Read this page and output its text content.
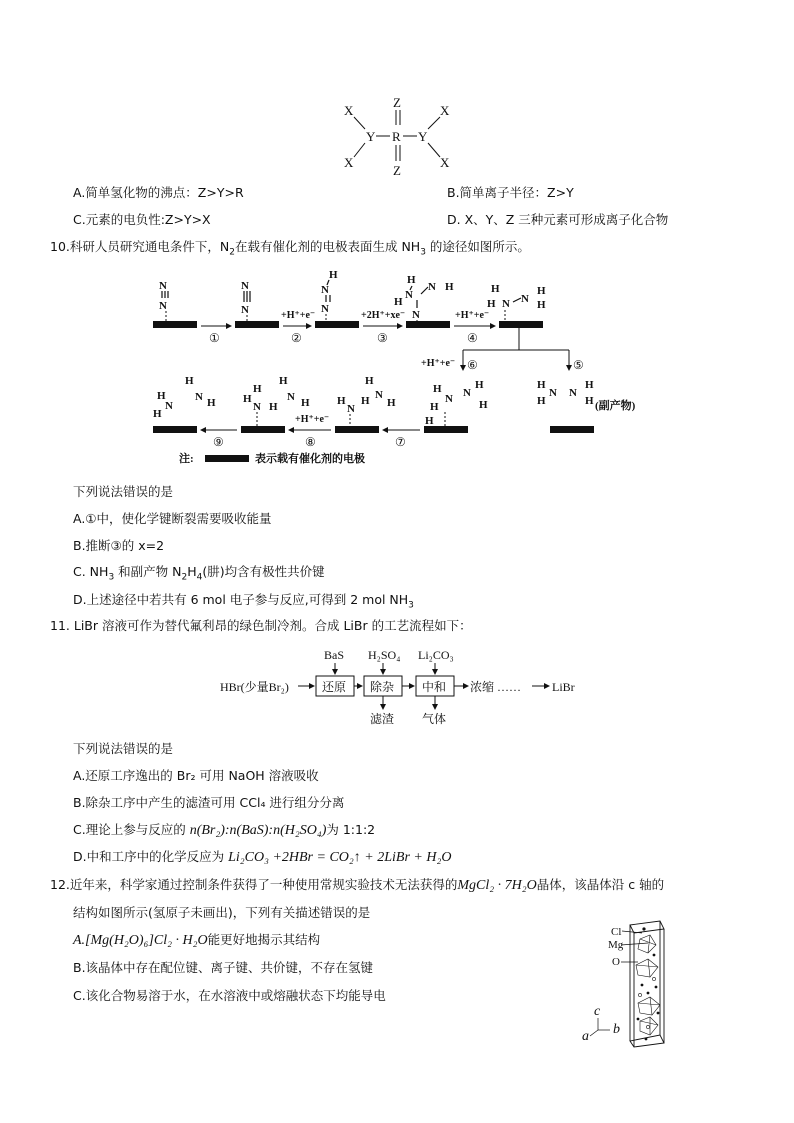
X
X
Y R Y
X
X
Z
Z
A.简单氢化物的沸点：Z>Y>R	B.简单离子半径：Z>Y
C.元素的电负性:Z>Y>X	D. X、Y、Z 三种元素可形成离子化合物
10.科研人员研究通电条件下，$N_2$在载有催化剂的电极表面生成 $NH_3$ 的途径如图所示。
N
N
N
N
H
N
N
H
N
N
H
N H
H N
H
N
H
H
H
N
H
N
H
H (副产物)
H
N
H
H
N H H
N H
H
H
N H H
N
H
H
N
H	H
N
H N
H
H
H
①	②	③	④
⑤
⑥
⑦
⑧
⑨
+H⁺+e⁻	+2H⁺+xe⁻	+H⁺+e⁻
+H⁺+e⁻
+H⁺+e⁻
注:	表示载有催化剂的电极
下列说法错误的是
A.①中，使化学键断裂需要吸收能量
B.推断③的 x=2
C. $NH_3$ 和副产物 $N_2H_4$(肼)均含有极性共价键
D.上述途径中若共有 6 mol 电子参与反应,可得到 2 mol $NH_3$
11. LiBr 溶液可作为替代氟利昂的绿色制冷剂。合成 LiBr 的工艺流程如下：
HBr(少量Br₂)
BaS H₂SO₄ Li₂CO₃
还原 除杂 中和
滤渣 气体
浓缩 ……	LiBr
下列说法错误的是
A.还原工序逸出的 Br₂ 可用 NaOH 溶液吸收
B.除杂工序中产生的滤渣可用 CCl₄ 进行组分分离
C.理论上参与反应的 n(Br₂):n(BaS):n(H₂SO₄)为 1:1:2
D.中和工序中的化学反应为 Li₂CO₃ +2HBr = CO₂↑ + 2LiBr + H₂O
12.近年来，科学家通过控制条件获得了一种使用常规实验技术无法获得的MgCl₂ · 7H₂O晶体，该晶体沿 c 轴的
结构如图所示(氢原子未画出)，下列有关描述错误的是
A.[Mg(H₂O)₆]Cl₂ · H₂O能更好地揭示其结构
B.该晶体中存在配位键、离子键、共价键，不存在氢键
C.该化合物易溶于水，在水溶液中或熔融状态下均能导电
Cl
Mg
O
c
b
a
